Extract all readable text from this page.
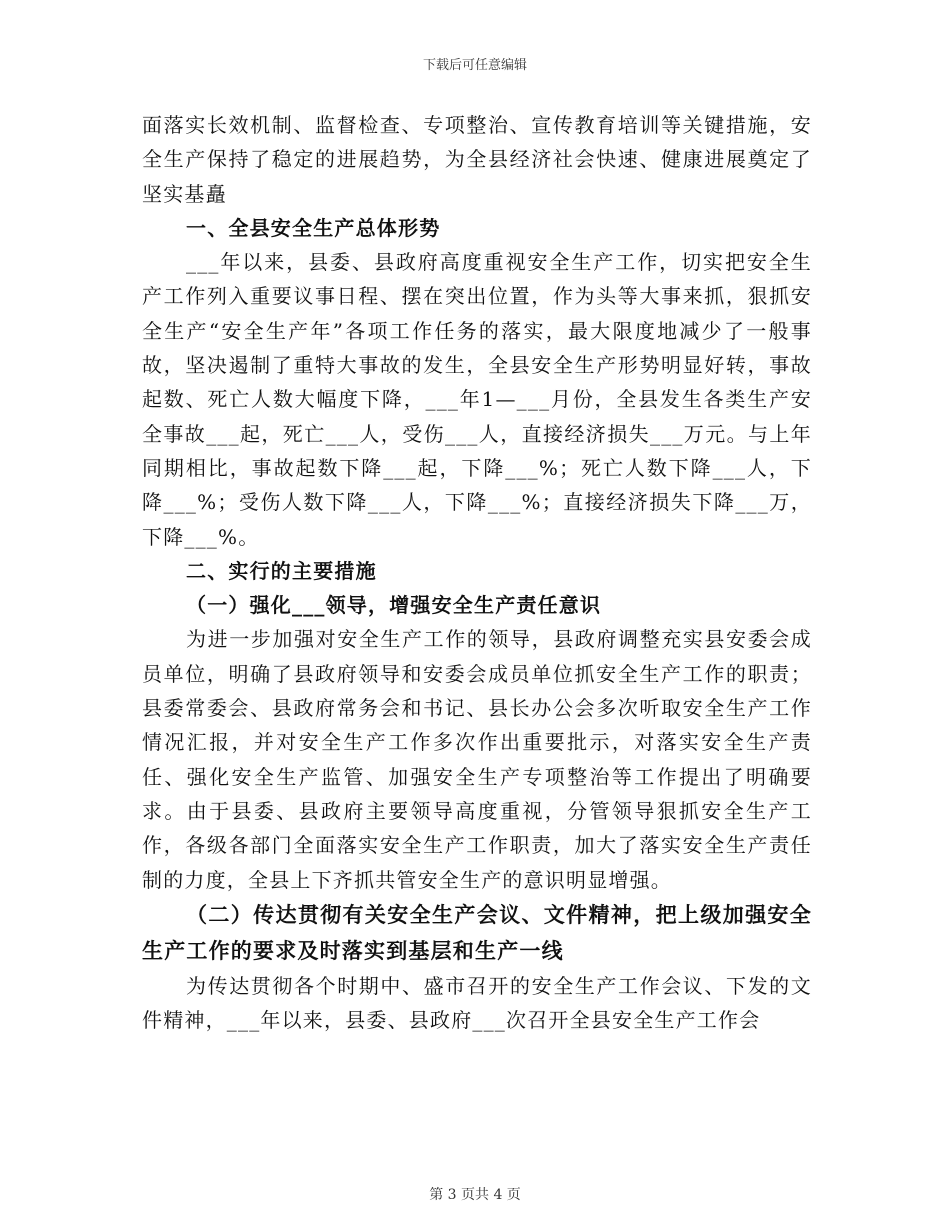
下载后可任意编辑

面落实长效机制、监督检查、专项整治、宣传教育培训等关键措施，安全生产保持了稳定的进展趋势，为全县经济社会快速、健康进展奠定了坚实基矗

一、全县安全生产总体形势

___年以来，县委、县政府高度重视安全生产工作，切实把安全生产工作列入重要议事日程、摆在突出位置，作为头等大事来抓，狠抓安全生产“安全生产年”各项工作任务的落实，最大限度地减少了一般事故，坚决遏制了重特大事故的发生，全县安全生产形势明显好转，事故起数、死亡人数大幅度下降，___年1—___月份，全县发生各类生产安全事故___起，死亡___人，受伤___人，直接经济损失___万元。与上年同期相比，事故起数下降___起，下降___%；死亡人数下降___人，下降___%；受伤人数下降___人，下降___%；直接经济损失下降___万，下降___%。

二、实行的主要措施

（一）强化___领导，增强安全生产责任意识

为进一步加强对安全生产工作的领导，县政府调整充实县安委会成员单位，明确了县政府领导和安委会成员单位抓安全生产工作的职责；县委常委会、县政府常务会和书记、县长办公会多次听取安全生产工作情况汇报，并对安全生产工作多次作出重要批示，对落实安全生产责任、强化安全生产监管、加强安全生产专项整治等工作提出了明确要求。由于县委、县政府主要领导高度重视，分管领导狠抓安全生产工作，各级各部门全面落实安全生产工作职责，加大了落实安全生产责任制的力度，全县上下齐抓共管安全生产的意识明显增强。

（二）传达贯彻有关安全生产会议、文件精神，把上级加强安全生产工作的要求及时落实到基层和生产一线

为传达贯彻各个时期中、盛市召开的安全生产工作会议、下发的文件精神，___年以来，县委、县政府___次召开全县安全生产工作会

第 3 页共 4 页
